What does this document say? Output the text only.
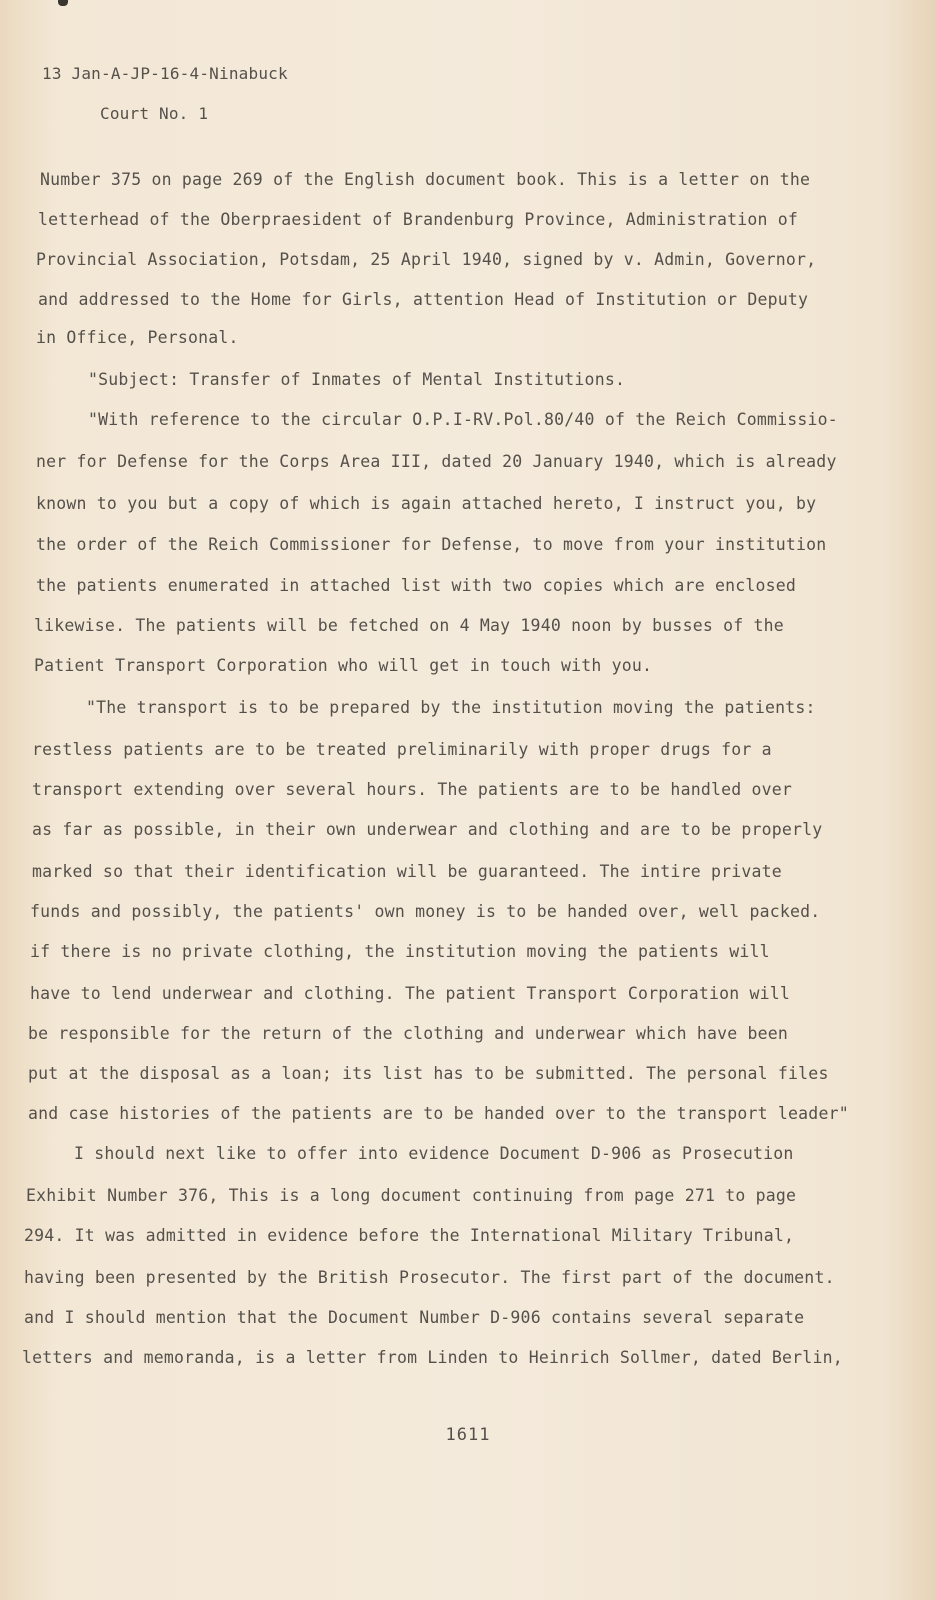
13 Jan-A-JP-16-4-Ninabuck
Court No. 1
Number 375 on page 269 of the English document book. This is a letter on the
letterhead of the Oberpraesident of Brandenburg Province, Administration of
Provincial Association, Potsdam, 25 April 1940, signed by v. Admin, Governor,
and addressed to the Home for Girls, attention Head of Institution or Deputy
in Office, Personal.
"Subject: Transfer of Inmates of Mental Institutions.
"With reference to the circular O.P.I-RV.Pol.80/40 of the Reich Commissio-
ner for Defense for the Corps Area III, dated 20 January 1940, which is already
known to you but a copy of which is again attached hereto, I instruct you, by
the order of the Reich Commissioner for Defense, to move from your institution
the patients enumerated in attached list with two copies which are enclosed
likewise. The patients will be fetched on 4 May 1940 noon by busses of the
Patient Transport Corporation who will get in touch with you.
"The transport is to be prepared by the institution moving the patients:
restless patients are to be treated preliminarily with proper drugs for a
transport extending over several hours. The patients are to be handled over
as far as possible, in their own underwear and clothing and are to be properly
marked so that their identification will be guaranteed. The intire private
funds and possibly, the patients' own money is to be handed over, well packed.
if there is no private clothing, the institution moving the patients will
have to lend underwear and clothing. The patient Transport Corporation will
be responsible for the return of the clothing and underwear which have been
put at the disposal as a loan; its list has to be submitted. The personal files
and case histories of the patients are to be handed over to the transport leader"
I should next like to offer into evidence Document D-906 as Prosecution
Exhibit Number 376, This is a long document continuing from page 271 to page
294. It was admitted in evidence before the International Military Tribunal,
having been presented by the British Prosecutor. The first part of the document.
and I should mention that the Document Number D-906 contains several separate
letters and memoranda, is a letter from Linden to Heinrich Sollmer, dated Berlin,
1611
